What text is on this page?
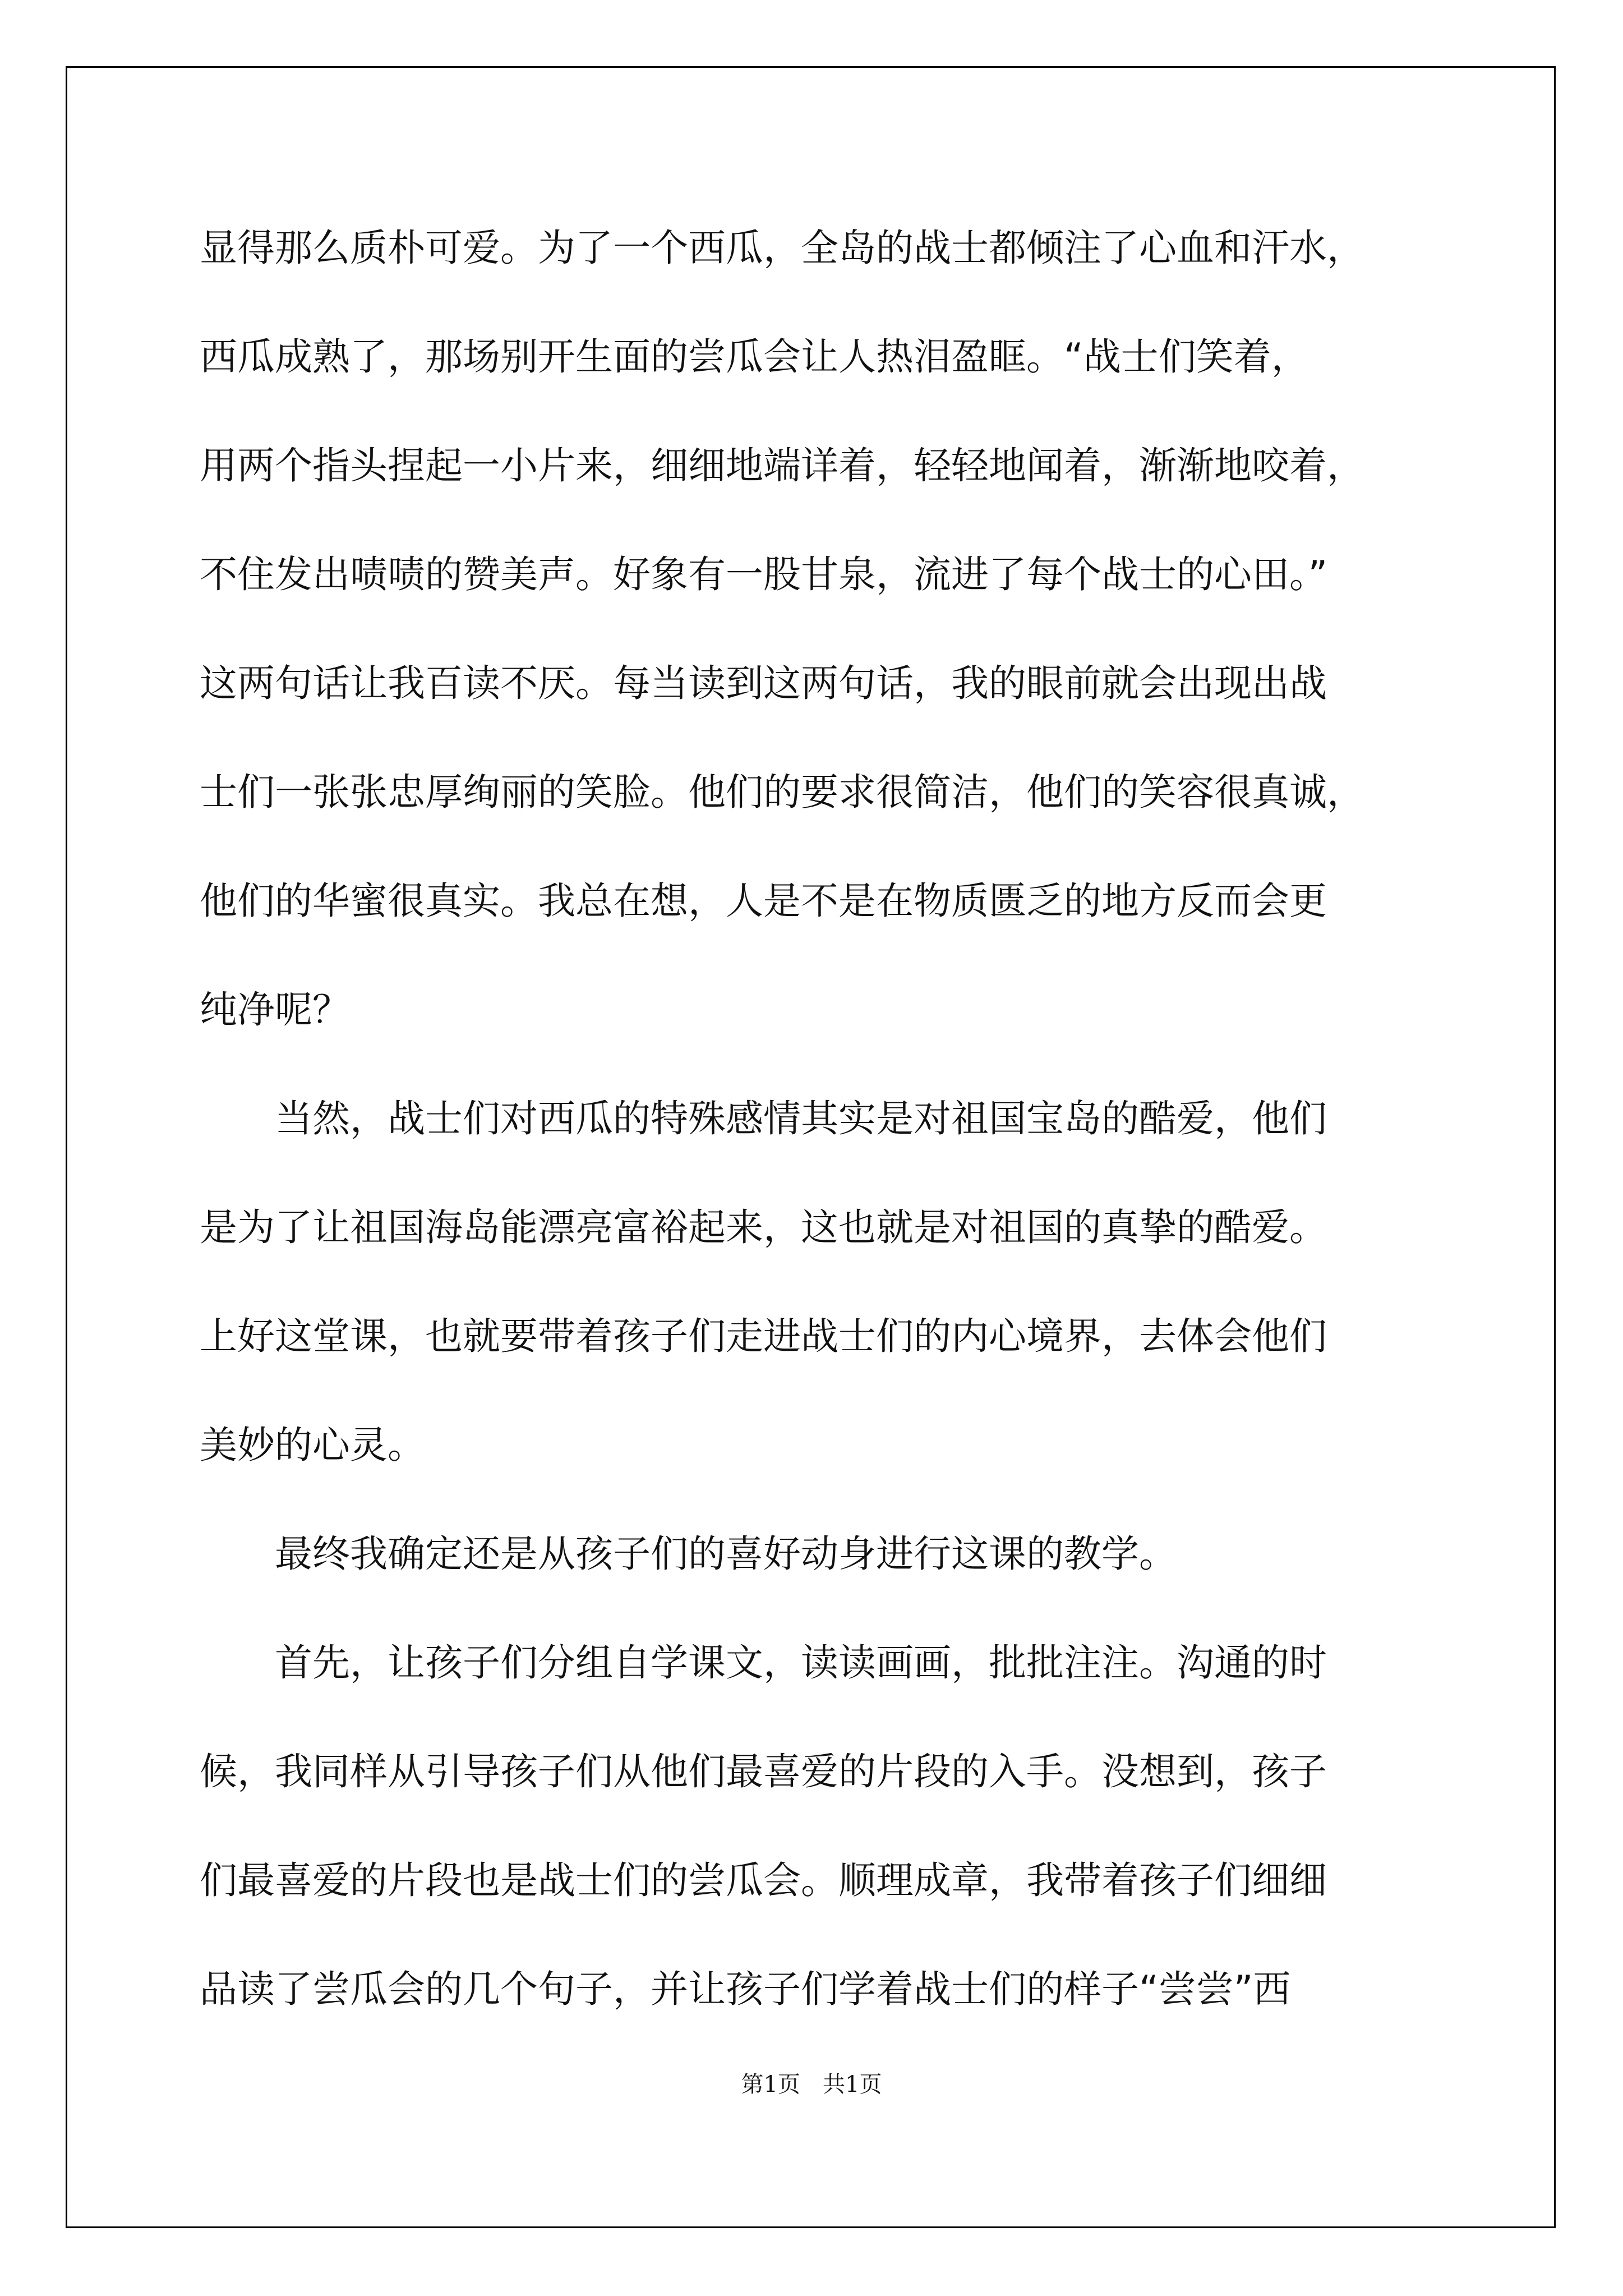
显得那么质朴可爱。为了一个西瓜，全岛的战士都倾注了心血和汗水，
西瓜成熟了，那场别开生面的尝瓜会让人热泪盈眶。“战士们笑着，
用两个指头捏起一小片来，细细地端详着，轻轻地闻着，渐渐地咬着，
不住发出啧啧的赞美声。好象有一股甘泉，流进了每个战士的心田。”
这两句话让我百读不厌。每当读到这两句话，我的眼前就会出现出战
士们一张张忠厚绚丽的笑脸。他们的要求很简洁，他们的笑容很真诚，
他们的华蜜很真实。我总在想，人是不是在物质匮乏的地方反而会更
纯净呢？
　　当然，战士们对西瓜的特殊感情其实是对祖国宝岛的酷爱，他们
是为了让祖国海岛能漂亮富裕起来，这也就是对祖国的真挚的酷爱。
上好这堂课，也就要带着孩子们走进战士们的内心境界，去体会他们
美妙的心灵。
　　最终我确定还是从孩子们的喜好动身进行这课的教学。
　　首先，让孩子们分组自学课文，读读画画，批批注注。沟通的时
候，我同样从引导孩子们从他们最喜爱的片段的入手。没想到，孩子
们最喜爱的片段也是战士们的尝瓜会。顺理成章，我带着孩子们细细
品读了尝瓜会的几个句子，并让孩子们学着战士们的样子“尝尝”西
第1页　共1页
